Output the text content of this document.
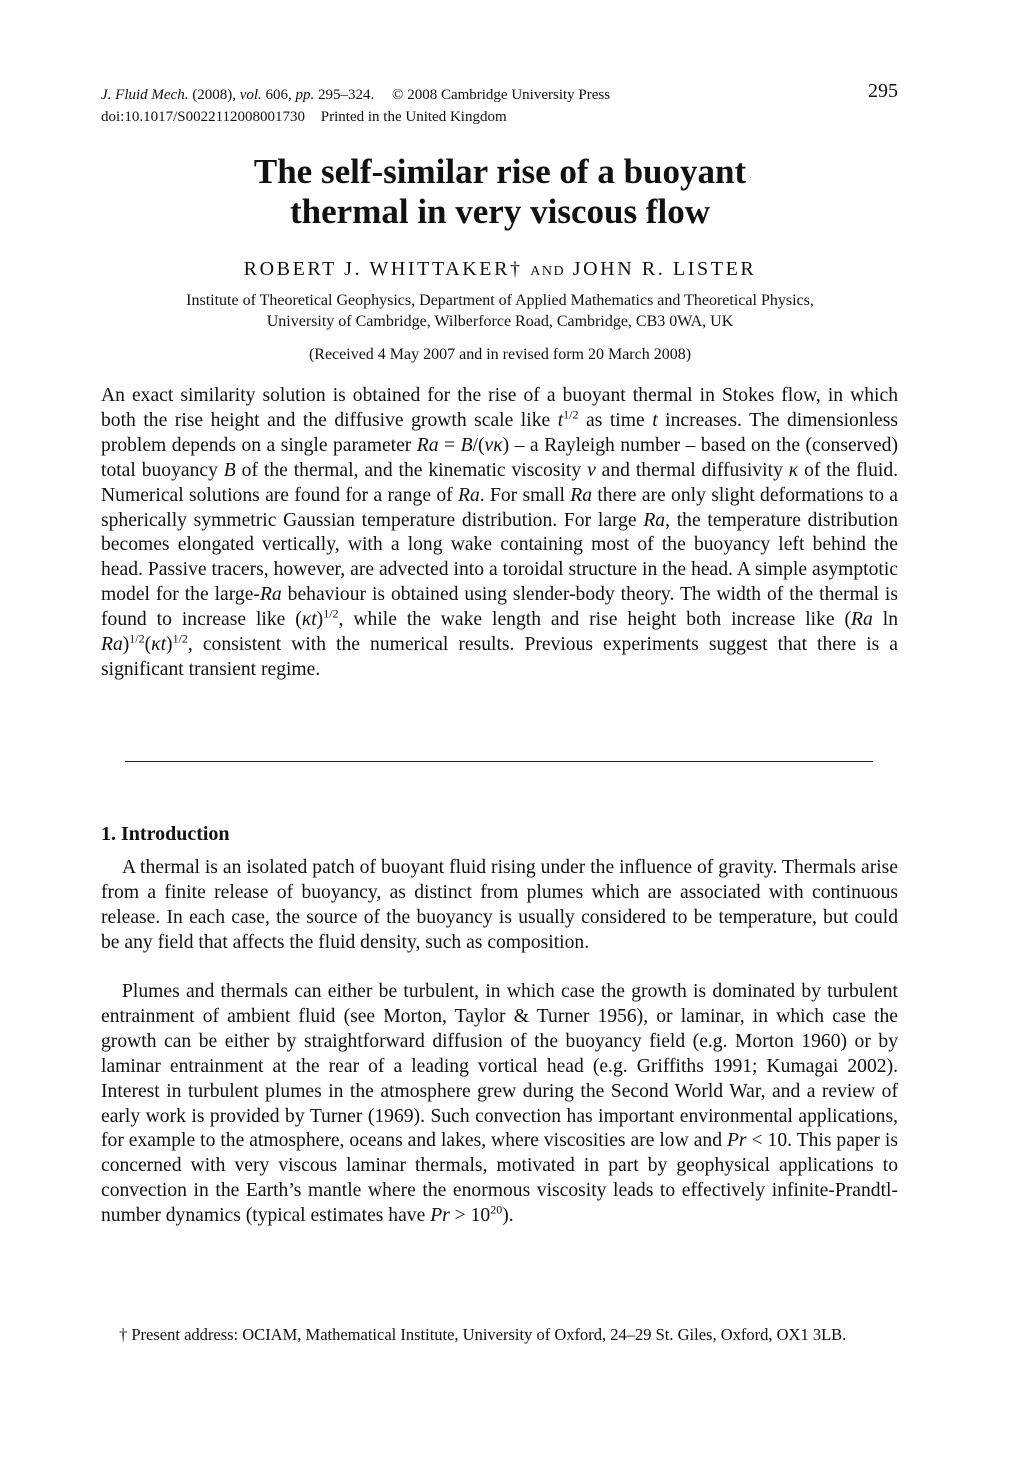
J. Fluid Mech. (2008), vol. 606, pp. 295–324. © 2008 Cambridge University Press
doi:10.1017/S0022112008001730 Printed in the United Kingdom
295
The self-similar rise of a buoyant
thermal in very viscous flow
ROBERT J. WHITTAKER† AND JOHN R. LISTER
Institute of Theoretical Geophysics, Department of Applied Mathematics and Theoretical Physics,
University of Cambridge, Wilberforce Road, Cambridge, CB3 0WA, UK
(Received 4 May 2007 and in revised form 20 March 2008)
An exact similarity solution is obtained for the rise of a buoyant thermal in Stokes flow, in which both the rise height and the diffusive growth scale like $t^{1/2}$ as time t increases. The dimensionless problem depends on a single parameter Ra = B/(νκ) – a Rayleigh number – based on the (conserved) total buoyancy B of the thermal, and the kinematic viscosity ν and thermal diffusivity κ of the fluid. Numerical solutions are found for a range of Ra. For small Ra there are only slight deformations to a spherically symmetric Gaussian temperature distribution. For large Ra, the temperature distribution becomes elongated vertically, with a long wake containing most of the buoyancy left behind the head. Passive tracers, however, are advected into a toroidal structure in the head. A simple asymptotic model for the large-Ra behaviour is obtained using slender-body theory. The width of the thermal is found to increase like $(\kappa t)^{1/2}$, while the wake length and rise height both increase like (Ra $\ln Ra)^{1/2}(\kappa t)^{1/2}$, consistent with the numerical results. Previous experiments suggest that there is a significant transient regime.
1. Introduction
A thermal is an isolated patch of buoyant fluid rising under the influence of gravity. Thermals arise from a finite release of buoyancy, as distinct from plumes which are associated with continuous release. In each case, the source of the buoyancy is usually considered to be temperature, but could be any field that affects the fluid density, such as composition.
Plumes and thermals can either be turbulent, in which case the growth is dominated by turbulent entrainment of ambient fluid (see Morton, Taylor & Turner 1956), or laminar, in which case the growth can be either by straightforward diffusion of the buoyancy field (e.g. Morton 1960) or by laminar entrainment at the rear of a leading vortical head (e.g. Griffiths 1991; Kumagai 2002). Interest in turbulent plumes in the atmosphere grew during the Second World War, and a review of early work is provided by Turner (1969). Such convection has important environmental applications, for example to the atmosphere, oceans and lakes, where viscosities are low and Pr < 10. This paper is concerned with very viscous laminar thermals, motivated in part by geophysical applications to convection in the Earth’s mantle where the enormous viscosity leads to effectively infinite-Prandtl-number dynamics (typical estimates have $Pr > 10^{20}$).
† Present address: OCIAM, Mathematical Institute, University of Oxford, 24–29 St. Giles, Oxford, OX1 3LB.
